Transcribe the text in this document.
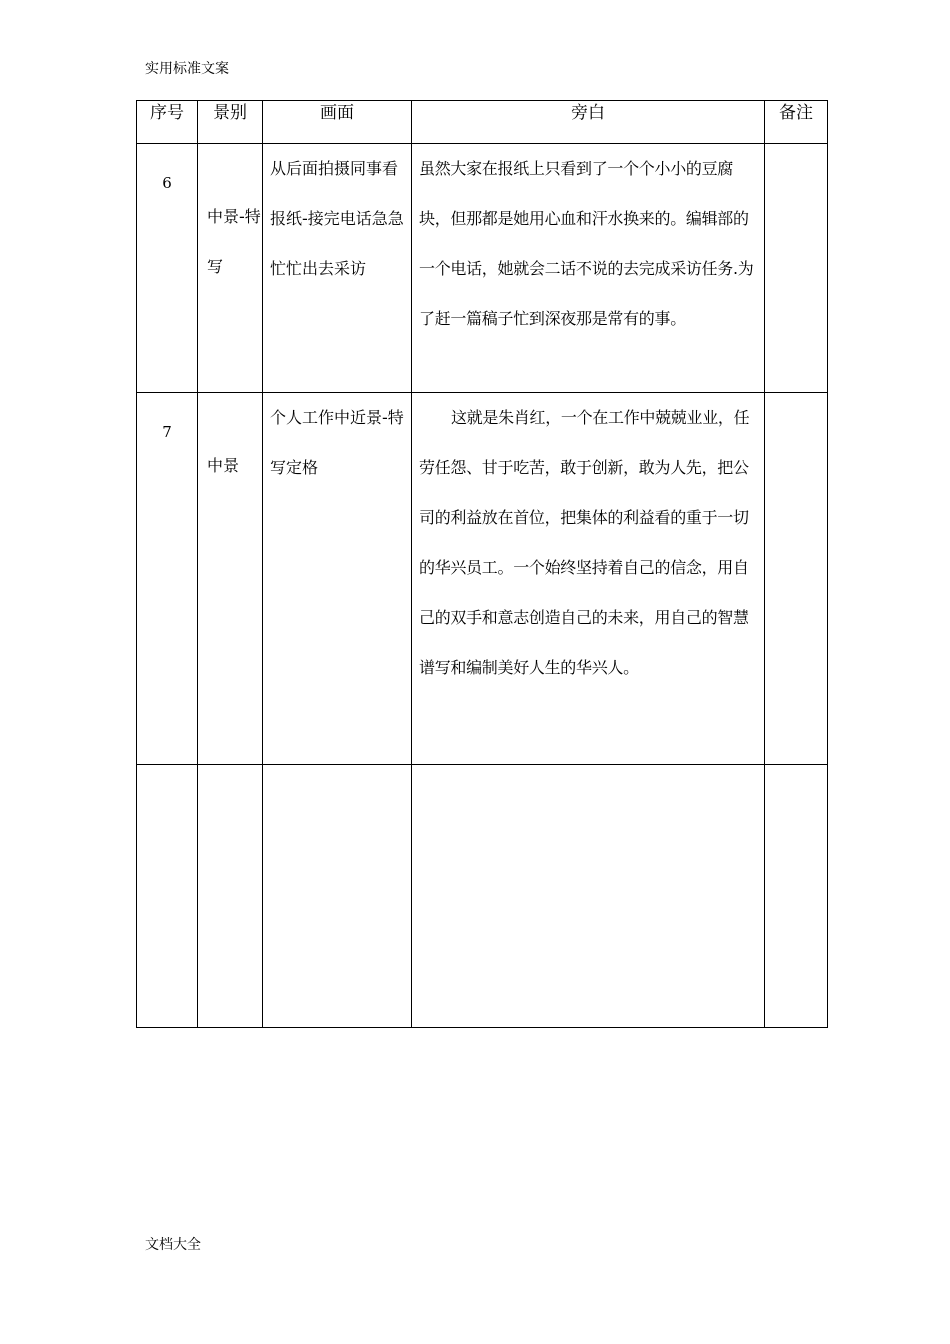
实用标准文案
序号	景别	画面	旁白	备注
6	中景-特写	从后面拍摄同事看报纸-接完电话急急忙忙出去采访	虽然大家在报纸上只看到了一个个小小的豆腐块，但那都是她用心血和汗水换来的。编辑部的一个电话，她就会二话不说的去完成采访任务.为了赶一篇稿子忙到深夜那是常有的事。	
7	中景	个人工作中近景-特写定格	这就是朱肖红，一个在工作中兢兢业业，任劳任怨、甘于吃苦，敢于创新，敢为人先，把公司的利益放在首位，把集体的利益看的重于一切的华兴员工。一个始终坚持着自己的信念，用自己的双手和意志创造自己的未来，用自己的智慧谱写和编制美好人生的华兴人。	

文档大全
